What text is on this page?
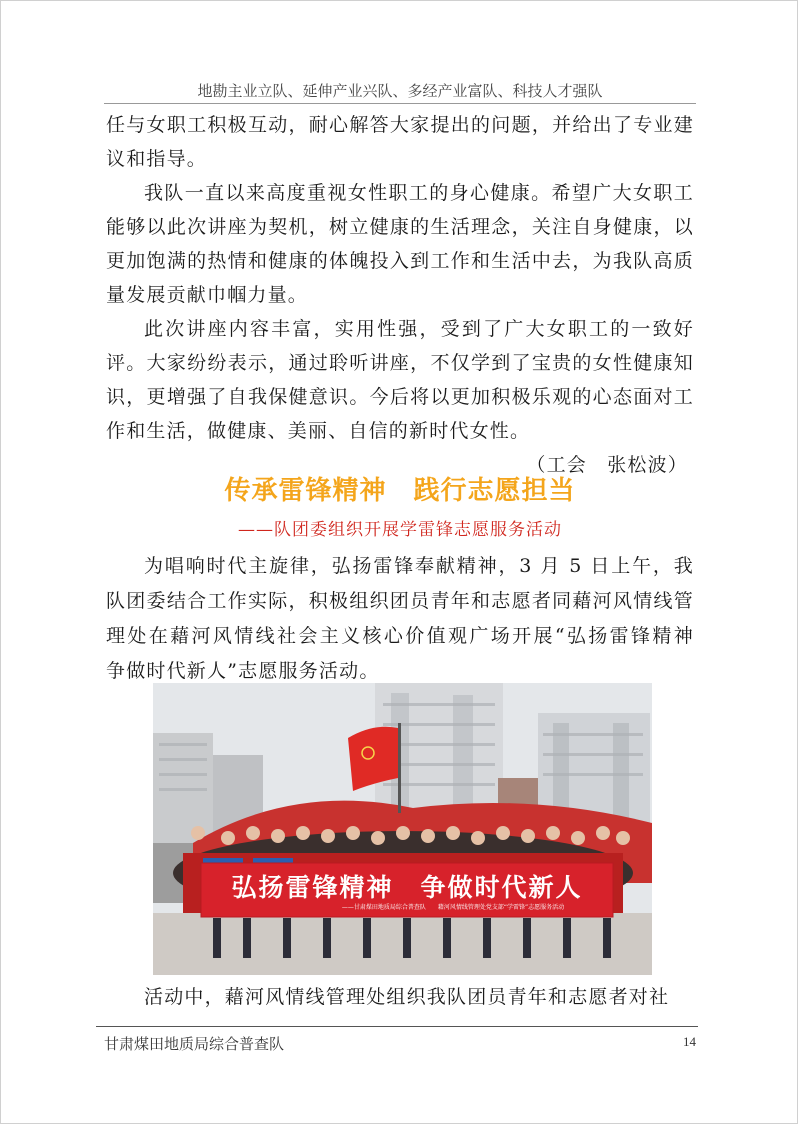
地勘主业立队、延伸产业兴队、多经产业富队、科技人才强队

任与女职工积极互动，耐心解答大家提出的问题，并给出了专业建议和指导。

我队一直以来高度重视女性职工的身心健康。希望广大女职工能够以此次讲座为契机，树立健康的生活理念，关注自身健康，以更加饱满的热情和健康的体魄投入到工作和生活中去，为我队高质量发展贡献巾帼力量。

此次讲座内容丰富，实用性强，受到了广大女职工的一致好评。大家纷纷表示，通过聆听讲座，不仅学到了宝贵的女性健康知识，更增强了自我保健意识。今后将以更加积极乐观的心态面对工作和生活，做健康、美丽、自信的新时代女性。

（工会　张松波）

传承雷锋精神　践行志愿担当
——队团委组织开展学雷锋志愿服务活动

为唱响时代主旋律，弘扬雷锋奉献精神，3 月 5 日上午，我队团委结合工作实际，积极组织团员青年和志愿者同藉河风情线管理处在藉河风情线社会主义核心价值观广场开展“弘扬雷锋精神　争做时代新人”志愿服务活动。

弘扬雷锋精神　争做时代新人
——甘肃煤田地质局综合普查队　　藉河风情线管理处党支部“学雷锋”志愿服务活动

活动中，藉河风情线管理处组织我队团员青年和志愿者对社

甘肃煤田地质局综合普查队	14
